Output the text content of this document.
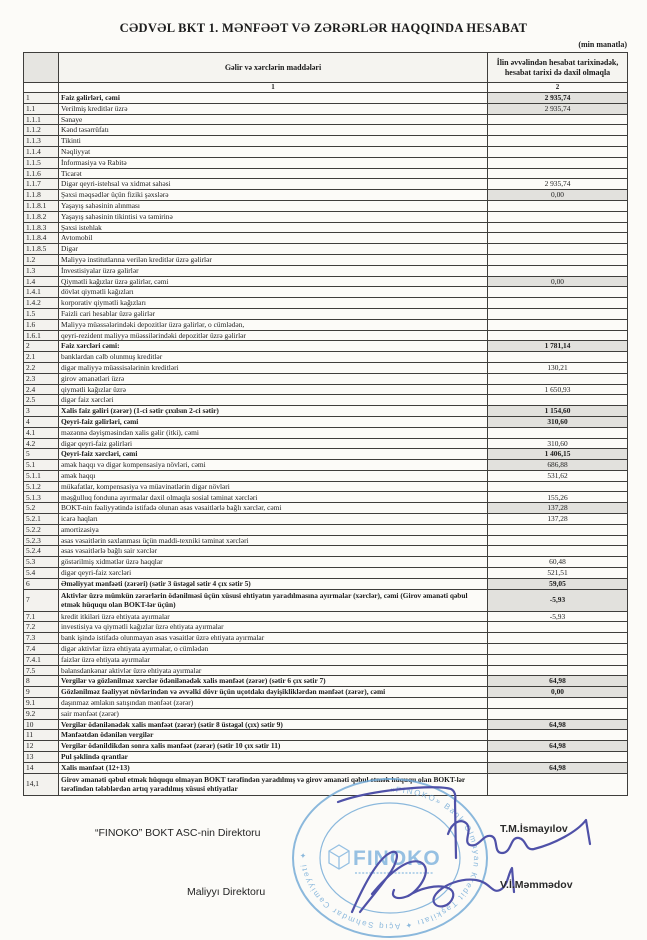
CƏDVƏL BKT 1. MƏNFƏƏT VƏ ZƏRƏRLƏR HAQQINDA HESABAT
(min manatla)
	Gəlir və xərclərin maddələri	İlin əvvəlindən hesabat tarixinədək, hesabat tarixi də daxil olmaqla
	1	2
1	Faiz gəlirləri, cəmi	2 935,74
1.1	Verilmiş kreditlər üzrə	2 935,74
1.1.1	Sənaye	
1.1.2	Kənd təsərrüfatı	
1.1.3	Tikinti	
1.1.4	Nəqliyyat	
1.1.5	İnformasiya və Rabitə	
1.1.6	Ticarət	
1.1.7	Digər qeyri-istehsal və xidmət sahəsi	2 935,74
1.1.8	Şəxsi məqsədlər üçün fiziki şəxslərə	0,00
1.1.8.1	Yaşayış sahəsinin alınması	
1.1.8.2	Yaşayış sahəsinin tikintisi və təmirinə	
1.1.8.3	Şəxsi istehlak	
1.1.8.4	Avtomobil	
1.1.8.5	Digər	
1.2	Maliyyə institutlarına verilən kreditlər üzrə gəlirlər	
1.3	İnvestisiyalar üzrə gəlirlər	
1.4	Qiymətli kağızlar üzrə gəlirlər, cəmi	0,00
1.4.1	dövlət qiymətli kağızları	
1.4.2	korporativ qiymətli kağızları	
1.5	Faizli cari hesablar üzrə gəlirlər	
1.6	Maliyyə müəssələrindəki depozitlər üzrə gəlirlər, o cümlədən,	
1.6.1	qeyri-rezident maliyyə müəssilərindəki depozitlər üzrə gəlirlər	
2	Faiz xərcləri cəmi:	1 781,14
2.1	banklardan cəlb olunmuş kreditlər	
2.2	digər maliyyə müəssisələrinin kreditləri	130,21
2.3	girov əmanətləri üzrə	
2.4	qiymətli kağızlar üzrə	1 650,93
2.5	digər faiz xərcləri	
3	Xalis faiz gəliri (zərər) (1-ci sətir çıxılsın 2-ci sətir)	1 154,60
4	Qeyri-faiz gəlirləri, cəmi	310,60
4.1	məzənnə dəyişməsindən xalis gəlir (itki), cəmi	
4.2	digər qeyri-faiz gəlirləri	310,60
5	Qeyri-faiz xərcləri, cəmi	1 406,15
5.1	əmək haqqı və digər kompensasiya növləri, cəmi	686,88
5.1.1	əmək haqqı	531,62
5.1.2	mükafatlar, kompensasiya və müavinətlərin digər növləri	
5.1.3	məşğulluq fonduna ayırmalar daxil olmaqla sosial təminat xərcləri	155,26
5.2	BOKT-nin fəaliyyətində istifadə olunan əsas vəsaitlərlə bağlı xərclər, cəmi	137,28
5.2.1	icarə haqları	137,28
5.2.2	amortizasiya	
5.2.3	əsas vəsaitlərin saxlanması üçün maddi-texniki təminat xərcləri	
5.2.4	əsas vəsaitlərlə bağlı sair xərclər	
5.3	göstərilmiş xidmətlər üzrə haqqlar	60,48
5.4	digər qeyri-faiz xərcləri	521,51
6	Əməliyyat mənfəəti (zərəri) (sətir 3 üstəgəl sətir 4 çıx sətir 5)	59,05
7	Aktivlər üzrə mümkün zərərlərin ödənilməsi üçün xüsusi ehtiyatın yaradılmasına ayırmalar (xərclər), cəmi (Girov əmanəti qəbul etmək hüququ olan BOKT-lər üçün)	-5,93
7.1	kredit itkiləri üzrə ehtiyata ayırmalar	-5,93
7.2	investisiya və qiymətli kağızlar üzrə ehtiyata ayırmalar	
7.3	bank işində istifadə olunmayan əsas vəsaitlər üzrə ehtiyata ayırmalar	
7.4	digər aktivlər üzrə ehtiyata ayırmalar, o cümlədən	
7.4.1	faizlər üzrə ehtiyata ayırmalar	
7.5	balansdankənar aktivlər üzrə ehtiyata ayırmalar	
8	Vergilər və gözlənilməz xərclər ödənilənədək xalis mənfəət (zərər) (sətir 6 çıx sətir 7)	64,98
9	Gözlənilməz fəaliyyət növlərindən və əvvəlki dövr üçün uçotdakı dəyişikliklərdən mənfəət (zərər), cəmi	0,00
9.1	daşınmaz əmlakın satışından mənfəət (zərər)	
9.2	sair mənfəət (zərər)	
10	Vergilər ödənilənədək xalis mənfəət (zərər) (sətir 8 üstəgəl (çıx) sətir 9)	64,98
11	Mənfəətdən ödənilən vergilər	
12	Vergilər ödənildikdən sonra xalis mənfəət (zərər) (sətir 10 çıx sətir 11)	64,98
13	Pul şəklində qrantlar	
14	Xalis mənfəət (12+13)	64,98
14,1	Girov əmanəti qəbul etmək hüququ olmayan BOKT tərəfindən yaradılmış və girov əmanəti qəbul etmək hüququ olan BOKT-lər tərəfindən tələblərdən artıq yaradılmış xüsusi ehtiyatlar		«FINOKO» Bank Olmayan Kredit Təşkilatı ✦ Açıq Səhmdar Cəmiyyəti ✦	FINOKO
“FINOKO” BOKT ASC-nin Direktoru	T.M.İsmayılov
Maliyyı Direktoru
V.İ.Məmmədov
